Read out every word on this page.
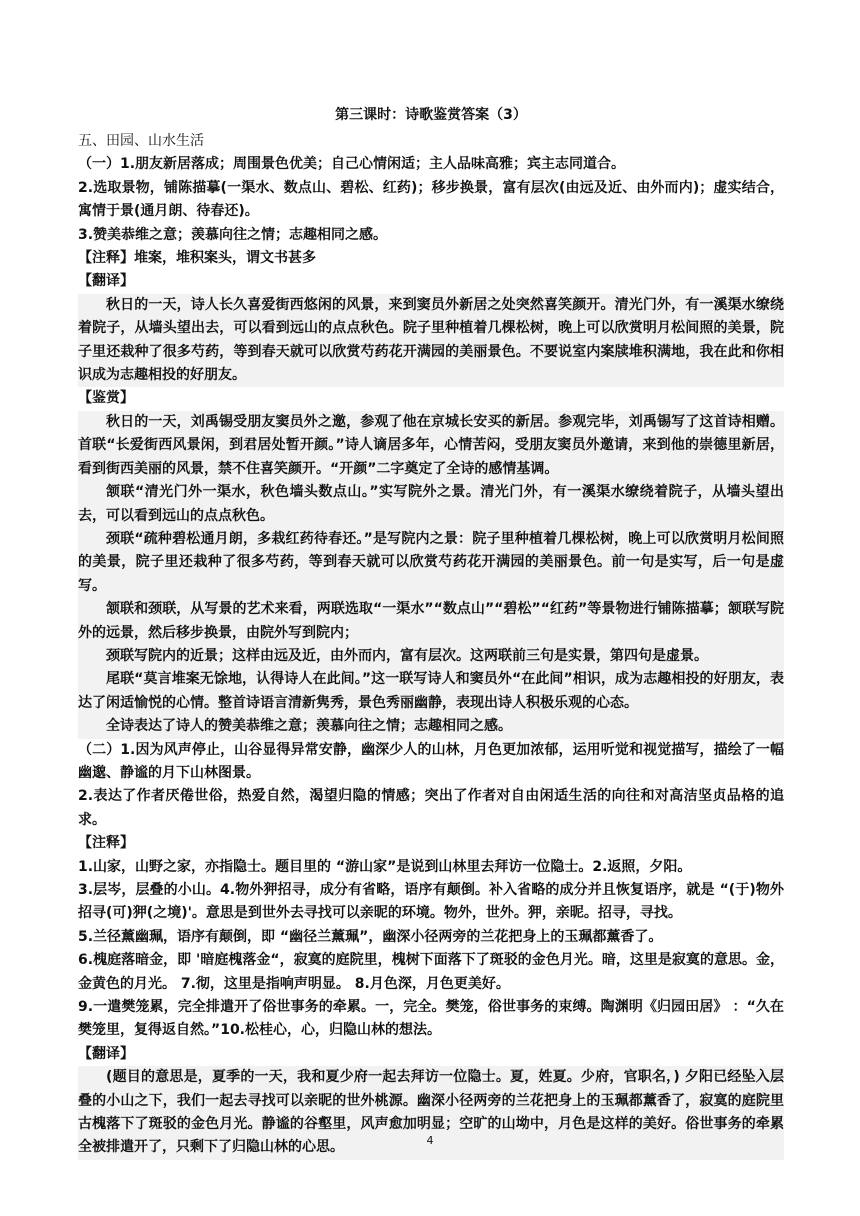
第三课时：诗歌鉴赏答案（3）

五、田园、山水生活

（一）1.朋友新居落成；周围景色优美；自己心情闲适；主人品味高雅；宾主志同道合。

2.选取景物，铺陈描摹(一渠水、数点山、碧松、红药)；移步换景，富有层次(由远及近、由外而内)；虚实结合，寓情于景(通月朗、待春还)。

3.赞美恭维之意；羡慕向往之情；志趣相同之感。

【注释】堆案，堆积案头，谓文书甚多

【翻译】

秋日的一天，诗人长久喜爱街西悠闲的风景，来到窦员外新居之处突然喜笑颜开。清光门外，有一溪渠水缭绕着院子，从墙头望出去，可以看到远山的点点秋色。院子里种植着几棵松树，晚上可以欣赏明月松间照的美景，院子里还栽种了很多芍药，等到春天就可以欣赏芍药花开满园的美丽景色。不要说室内案牍堆积满地，我在此和你相识成为志趣相投的好朋友。

【鉴赏】

秋日的一天，刘禹锡受朋友窦员外之邀，参观了他在京城长安买的新居。参观完毕，刘禹锡写了这首诗相赠。首联“长爱街西风景闲，到君居处暂开颜。”诗人谪居多年，心情苦闷，受朋友窦员外邀请，来到他的崇德里新居，看到街西美丽的风景，禁不住喜笑颜开。“开颜”二字奠定了全诗的感情基调。

颔联“清光门外一渠水，秋色墙头数点山。”实写院外之景。清光门外，有一溪渠水缭绕着院子，从墙头望出去，可以看到远山的点点秋色。

颈联“疏种碧松通月朗，多栽红药待春还。”是写院内之景：院子里种植着几棵松树，晚上可以欣赏明月松间照的美景，院子里还栽种了很多芍药，等到春天就可以欣赏芍药花开满园的美丽景色。前一句是实写，后一句是虚写。

颔联和颈联，从写景的艺术来看，两联选取“一渠水”“数点山”“碧松”“红药”等景物进行铺陈描摹；颔联写院外的远景，然后移步换景，由院外写到院内；

颈联写院内的近景；这样由远及近，由外而内，富有层次。这两联前三句是实景，第四句是虚景。

尾联“莫言堆案无馀地，认得诗人在此间。”这一联写诗人和窦员外“在此间”相识，成为志趣相投的好朋友，表达了闲适愉悦的心情。整首诗语言清新隽秀，景色秀丽幽静，表现出诗人积极乐观的心态。

全诗表达了诗人的赞美恭维之意；羡慕向往之情；志趣相同之感。

（二）1.因为风声停止，山谷显得异常安静，幽深少人的山林，月色更加浓郁，运用听觉和视觉描写，描绘了一幅幽邈、静谧的月下山林图景。

2.表达了作者厌倦世俗，热爱自然，渴望归隐的情感；突出了作者对自由闲适生活的向往和对高洁坚贞品格的追求。

【注释】

1.山家，山野之家，亦指隐士。题目里的 “游山家”是说到山林里去拜访一位隐士。2.返照，夕阳。

3.层岑，层叠的小山。4.物外狎招寻，成分有省略，语序有颠倒。补入省略的成分并且恢复语序，就是 “(于)物外招寻(可)狎(之境)'。意思是到世外去寻找可以亲昵的环境。物外，世外。狎，亲昵。招寻，寻找。

5.兰径薰幽珮，语序有颠倒，即 “幽径兰薰珮”，幽深小径两旁的兰花把身上的玉珮都薰香了。

6.槐庭落暗金，即 '暗庭槐落金“，寂寞的庭院里，槐树下面落下了斑驳的金色月光。暗，这里是寂寞的意思。金，金黄色的月光。 7.彻，这里是指响声明显。 8.月色深，月色更美好。

9.一遣樊笼累，完全排遣开了俗世事务的牵累。一，完全。樊笼，俗世事务的束缚。陶渊明《归园田居》 ：“久在樊笼里，复得返自然。”10.松桂心，心，归隐山林的想法。

【翻译】

(题目的意思是，夏季的一天，我和夏少府一起去拜访一位隐士。夏，姓夏。少府，官职名，) 夕阳已经坠入层叠的小山之下，我们一起去寻找可以亲昵的世外桃源。幽深小径两旁的兰花把身上的玉珮都薰香了，寂寞的庭院里古槐落下了斑驳的金色月光。静谧的谷壑里，风声愈加明显；空旷的山坳中，月色是这样的美好。俗世事务的牵累全被排遣开了，只剩下了归隐山林的心思。	4
